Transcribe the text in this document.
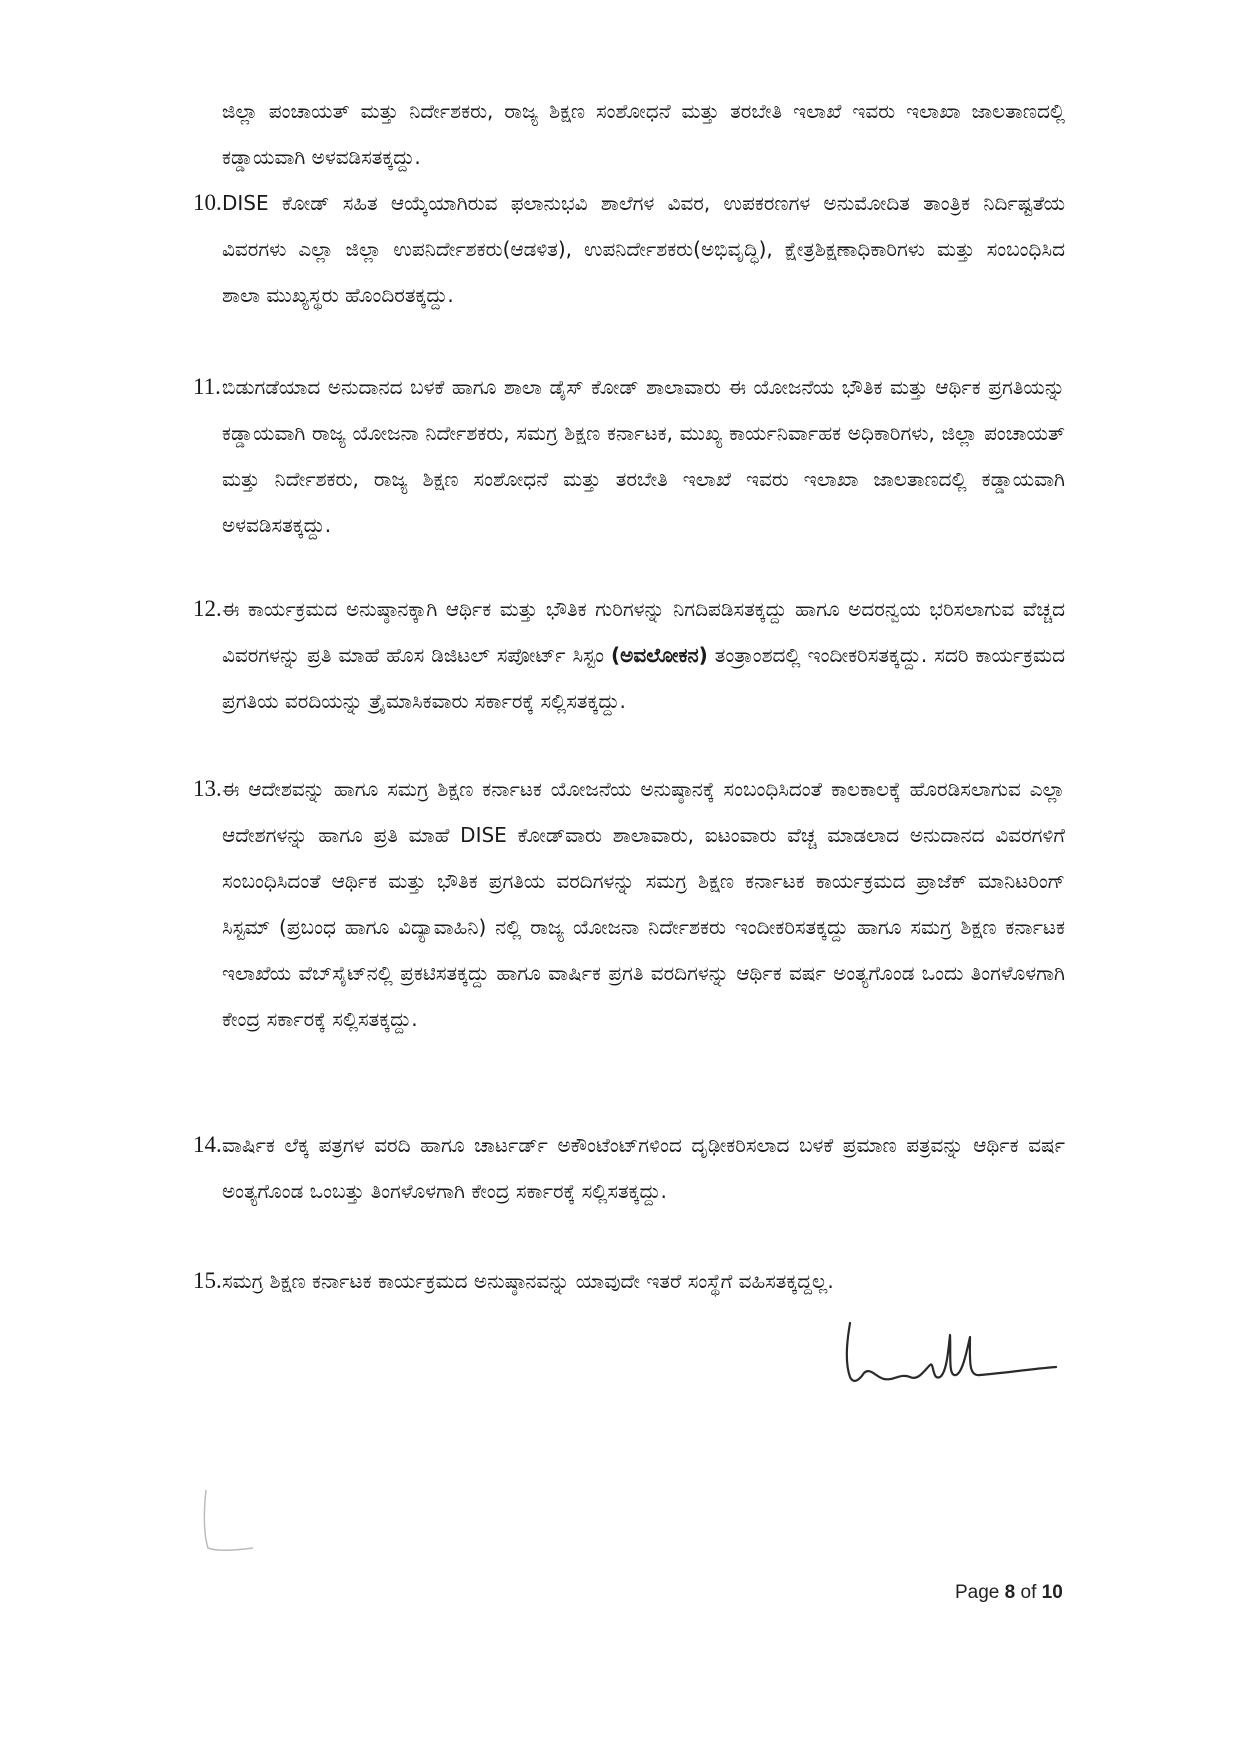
ಜಿಲ್ಲಾ ಪಂಚಾಯತ್ ಮತ್ತು ನಿರ್ದೇಶಕರು, ರಾಜ್ಯ ಶಿಕ್ಷಣ ಸಂಶೋಧನೆ ಮತ್ತು ತರಬೇತಿ ಇಲಾಖೆ ಇವರು ಇಲಾಖಾ ಜಾಲತಾಣದಲ್ಲಿ ಕಡ್ಡಾಯವಾಗಿ ಅಳವಡಿಸತಕ್ಕದ್ದು.
10. DISE ಕೋಡ್ ಸಹಿತ ಆಯ್ಕೆಯಾಗಿರುವ ಫಲಾನುಭವಿ ಶಾಲೆಗಳ ವಿವರ, ಉಪಕರಣಗಳ ಅನುಮೋದಿತ ತಾಂತ್ರಿಕ ನಿರ್ದಿಷ್ಟತೆಯ ವಿವರಗಳು ಎಲ್ಲಾ ಜಿಲ್ಲಾ ಉಪನಿರ್ದೇಶಕರು(ಆಡಳಿತ), ಉಪನಿರ್ದೇಶಕರು(ಅಭಿವೃದ್ಧಿ), ಕ್ಷೇತ್ರಶಿಕ್ಷಣಾಧಿಕಾರಿಗಳು ಮತ್ತು ಸಂಬಂಧಿಸಿದ ಶಾಲಾ ಮುಖ್ಯಸ್ಥರು ಹೊಂದಿರತಕ್ಕದ್ದು.
11. ಬಿಡುಗಡೆಯಾದ ಅನುದಾನದ ಬಳಕೆ ಹಾಗೂ ಶಾಲಾ ಡೈಸ್ ಕೋಡ್ ಶಾಲಾವಾರು ಈ ಯೋಜನೆಯ ಭೌತಿಕ ಮತ್ತು ಆರ್ಥಿಕ ಪ್ರಗತಿಯನ್ನು ಕಡ್ಡಾಯವಾಗಿ ರಾಜ್ಯ ಯೋಜನಾ ನಿರ್ದೇಶಕರು, ಸಮಗ್ರ ಶಿಕ್ಷಣ ಕರ್ನಾಟಕ, ಮುಖ್ಯ ಕಾರ್ಯನಿರ್ವಾಹಕ ಅಧಿಕಾರಿಗಳು, ಜಿಲ್ಲಾ ಪಂಚಾಯತ್ ಮತ್ತು ನಿರ್ದೇಶಕರು, ರಾಜ್ಯ ಶಿಕ್ಷಣ ಸಂಶೋಧನೆ ಮತ್ತು ತರಬೇತಿ ಇಲಾಖೆ ಇವರು ಇಲಾಖಾ ಜಾಲತಾಣದಲ್ಲಿ ಕಡ್ಡಾಯವಾಗಿ ಅಳವಡಿಸತಕ್ಕದ್ದು.
12. ಈ ಕಾರ್ಯಕ್ರಮದ ಅನುಷ್ಠಾನಕ್ಕಾಗಿ ಆರ್ಥಿಕ ಮತ್ತು ಭೌತಿಕ ಗುರಿಗಳನ್ನು ನಿಗದಿಪಡಿಸತಕ್ಕದ್ದು ಹಾಗೂ ಅದರನ್ವಯ ಭರಿಸಲಾಗುವ ವೆಚ್ಚದ ವಿವರಗಳನ್ನು ಪ್ರತಿ ಮಾಹೆ ಹೊಸ ಡಿಜಿಟಲ್ ಸಪೋರ್ಟ್ ಸಿಸ್ಟಂ (ಅವಲೋಕನ) ತಂತ್ರಾಂಶದಲ್ಲಿ ಇಂದೀಕರಿಸತಕ್ಕದ್ದು. ಸದರಿ ಕಾರ್ಯಕ್ರಮದ ಪ್ರಗತಿಯ ವರದಿಯನ್ನು ತ್ರೈಮಾಸಿಕವಾರು ಸರ್ಕಾರಕ್ಕೆ ಸಲ್ಲಿಸತಕ್ಕದ್ದು.
13. ಈ ಆದೇಶವನ್ನು ಹಾಗೂ ಸಮಗ್ರ ಶಿಕ್ಷಣ ಕರ್ನಾಟಕ ಯೋಜನೆಯ ಅನುಷ್ಠಾನಕ್ಕೆ ಸಂಬಂಧಿಸಿದಂತೆ ಕಾಲಕಾಲಕ್ಕೆ ಹೊರಡಿಸಲಾಗುವ ಎಲ್ಲಾ ಆದೇಶಗಳನ್ನು ಹಾಗೂ ಪ್ರತಿ ಮಾಹೆ DISE ಕೋಡ್‌ವಾರು ಶಾಲಾವಾರು, ಐಟಂವಾರು ವೆಚ್ಚ ಮಾಡಲಾದ ಅನುದಾನದ ವಿವರಗಳಿಗೆ ಸಂಬಂಧಿಸಿದಂತೆ ಆರ್ಥಿಕ ಮತ್ತು ಭೌತಿಕ ಪ್ರಗತಿಯ ವರದಿಗಳನ್ನು ಸಮಗ್ರ ಶಿಕ್ಷಣ ಕರ್ನಾಟಕ ಕಾರ್ಯಕ್ರಮದ ಪ್ರಾಜೆಕ್ ಮಾನಿಟರಿಂಗ್ ಸಿಸ್ಟಮ್ (ಪ್ರಬಂಧ ಹಾಗೂ ವಿದ್ಯಾವಾಹಿನಿ) ನಲ್ಲಿ ರಾಜ್ಯ ಯೋಜನಾ ನಿರ್ದೇಶಕರು ಇಂದೀಕರಿಸತಕ್ಕದ್ದು ಹಾಗೂ ಸಮಗ್ರ ಶಿಕ್ಷಣ ಕರ್ನಾಟಕ ಇಲಾಖೆಯ ವೆಬ್‌ಸೈಟ್‌ನಲ್ಲಿ ಪ್ರಕಟಿಸತಕ್ಕದ್ದು ಹಾಗೂ ವಾರ್ಷಿಕ ಪ್ರಗತಿ ವರದಿಗಳನ್ನು ಆರ್ಥಿಕ ವರ್ಷ ಅಂತ್ಯಗೊಂಡ ಒಂದು ತಿಂಗಳೊಳಗಾಗಿ ಕೇಂದ್ರ ಸರ್ಕಾರಕ್ಕೆ ಸಲ್ಲಿಸತಕ್ಕದ್ದು.
14. ವಾರ್ಷಿಕ ಲೆಕ್ಕ ಪತ್ರಗಳ ವರದಿ ಹಾಗೂ ಚಾರ್ಟರ್ಡ್ ಅಕೌಂಟೆಂಟ್‌ಗಳಿಂದ ದೃಢೀಕರಿಸಲಾದ ಬಳಕೆ ಪ್ರಮಾಣ ಪತ್ರವನ್ನು ಆರ್ಥಿಕ ವರ್ಷ ಅಂತ್ಯಗೊಂಡ ಒಂಬತ್ತು ತಿಂಗಳೊಳಗಾಗಿ ಕೇಂದ್ರ ಸರ್ಕಾರಕ್ಕೆ ಸಲ್ಲಿಸತಕ್ಕದ್ದು.
15. ಸಮಗ್ರ ಶಿಕ್ಷಣ ಕರ್ನಾಟಕ ಕಾರ್ಯಕ್ರಮದ ಅನುಷ್ಠಾನವನ್ನು ಯಾವುದೇ ಇತರೆ ಸಂಸ್ಥೆಗೆ ವಹಿಸತಕ್ಕದ್ದಲ್ಲ.
Page 8 of 10
